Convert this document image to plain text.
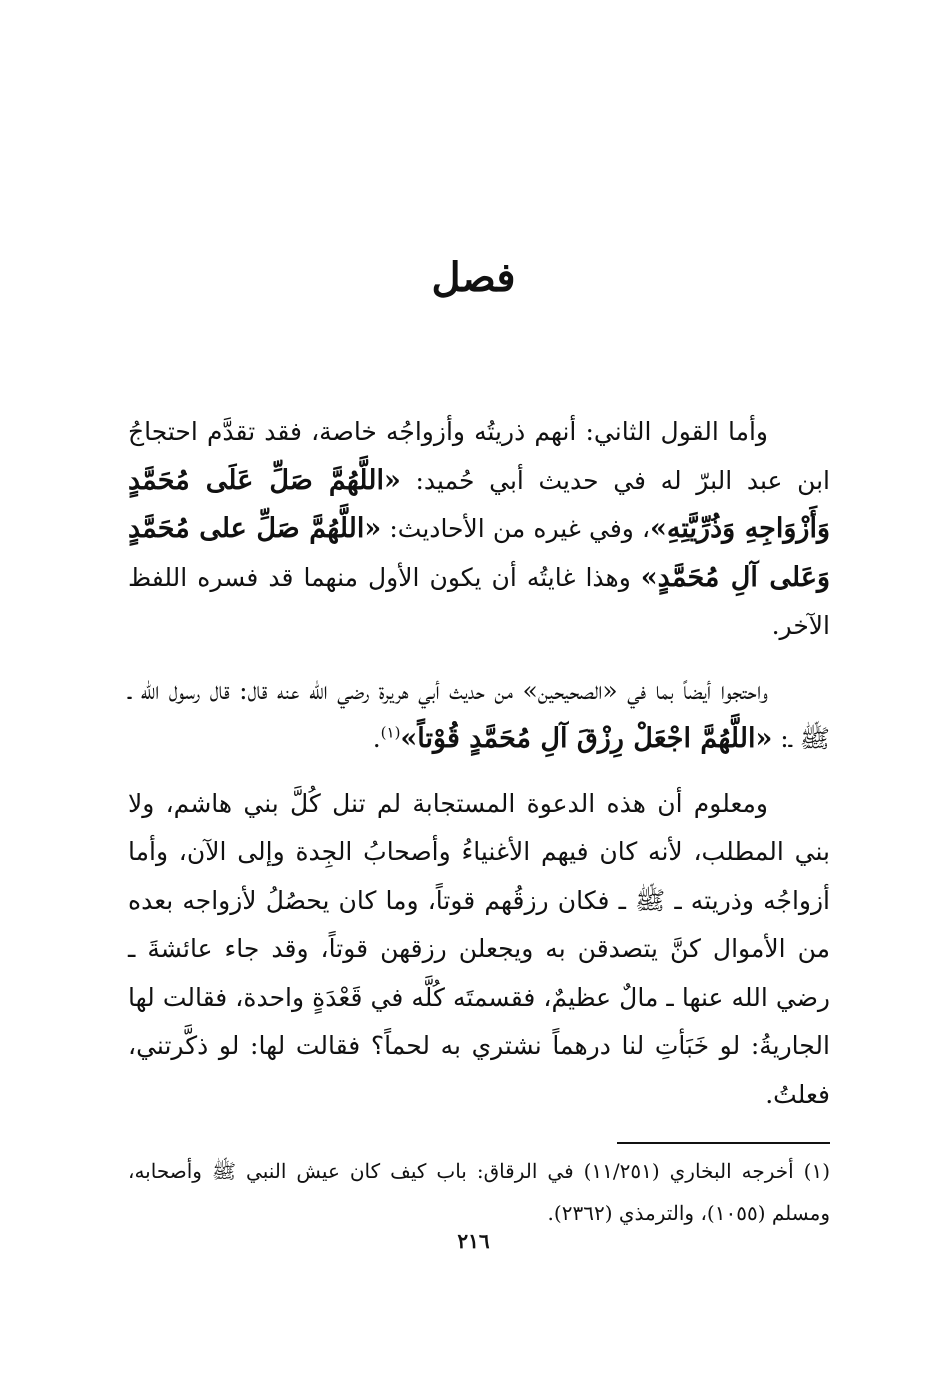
فصل

وأما القول الثاني: أنهم ذريتُه وأزواجُه خاصة، فقد تقدَّم احتجاجُ ابن عبد البرّ له في حديث أبي حُميد: «اللَّهُمَّ صَلِّ عَلَى مُحَمَّدٍ وَأَزْوَاجِهِ وَذُرِّيَّتِهِ»، وفي غيره من الأحاديث: «اللَّهُمَّ صَلِّ على مُحَمَّدٍ وَعَلى آلِ مُحَمَّدٍ» وهذا غايتُه أن يكون الأول منهما قد فسره اللفظ الآخر.

واحتجوا أيضاً بما في «الصحيحين» من حديث أبي هريرة رضي الله عنه قال: قال رسول الله ـ ﷺ ـ: «اللَّهُمَّ اجْعَلْ رِزْقَ آلِ مُحَمَّدٍ قُوْتاً»$^{(١)}$.

ومعلوم أن هذه الدعوة المستجابة لم تنل كُلَّ بني هاشم، ولا بني المطلب، لأنه كان فيهم الأغنياءُ وأصحابُ الجِدة وإلى الآن، وأما أزواجُه وذريته ـ ﷺ ـ فكان رزقُهم قوتاً، وما كان يحصُلُ لأزواجه بعده من الأموال كنَّ يتصدقن به ويجعلن رزقهن قوتاً، وقد جاء عائشةَ ـ رضي الله عنها ـ مالٌ عظيمٌ، فقسمتَه كُلَّه في قَعْدَةٍ واحدة، فقالت لها الجاريةُ: لو خَبَأتِ لنا درهماً نشتري به لحماً؟ فقالت لها: لو ذكَّرتني، فعلتُ.

(١) أخرجه البخاري (١١/٢٥١) في الرقاق: باب كيف كان عيش النبي ﷺ وأصحابه، ومسلم (١٠٥٥)، والترمذي (٢٣٦٢).

٢١٦
